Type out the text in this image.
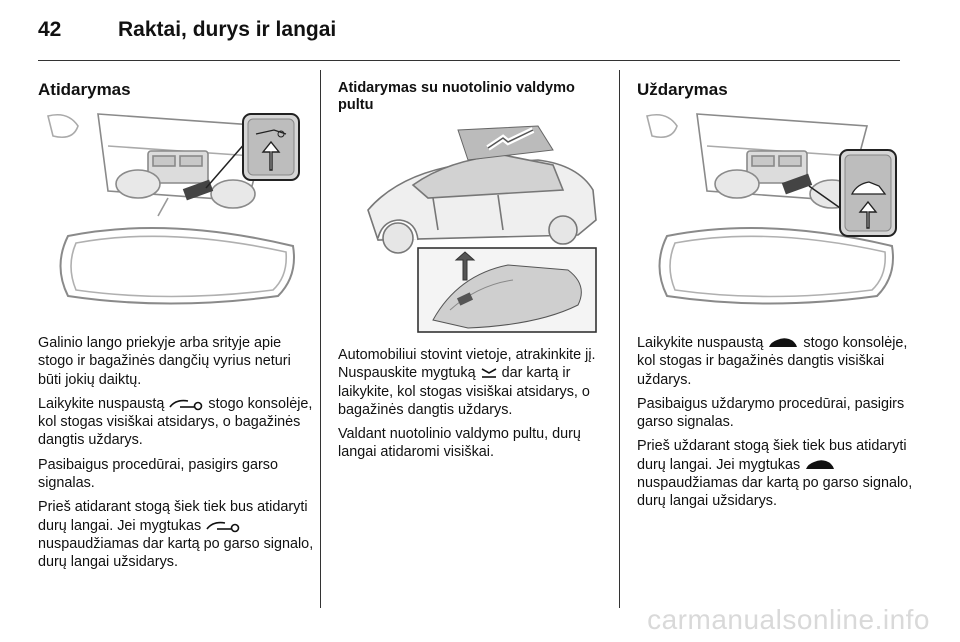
42	Raktai, durys ir langai
Atidarymas

Galinio lango priekyje arba srityje apie stogo ir bagažinės dangčių vyrius neturi būti jokių daiktų.

Laikykite nuspaustą	stogo konsolėje, kol stogas visiškai atsidarys, o bagažinės dangtis uždarys.

Pasibaigus procedūrai, pasigirs garso signalas.

Prieš atidarant stogą šiek tiek bus atidaryti durų langai. Jei mygtukas  nuspaudžiamas dar kartą po garso signalo, durų langai užsidarys.

Atidarymas su nuotolinio valdymo pultu

Automobiliui stovint vietoje, atrakinkite jį. Nuspauskite mygtuką dar kartą ir laikykite, kol stogas visiškai atsidarys, o bagažinės dangtis uždarys.

Valdant nuotolinio valdymo pultu, durų langai atidaromi visiškai.

Uždarymas

Laikykite nuspaustą	stogo konsolėje, kol stogas ir bagažinės dangtis visiškai uždarys.

Pasibaigus uždarymo procedūrai, pasigirs garso signalas.

Prieš uždarant stogą šiek tiek bus atidaryti durų langai. Jei mygtukas  nuspaudžiamas dar kartą po garso signalo, durų langai užsidarys.

carmanualsonline.info
